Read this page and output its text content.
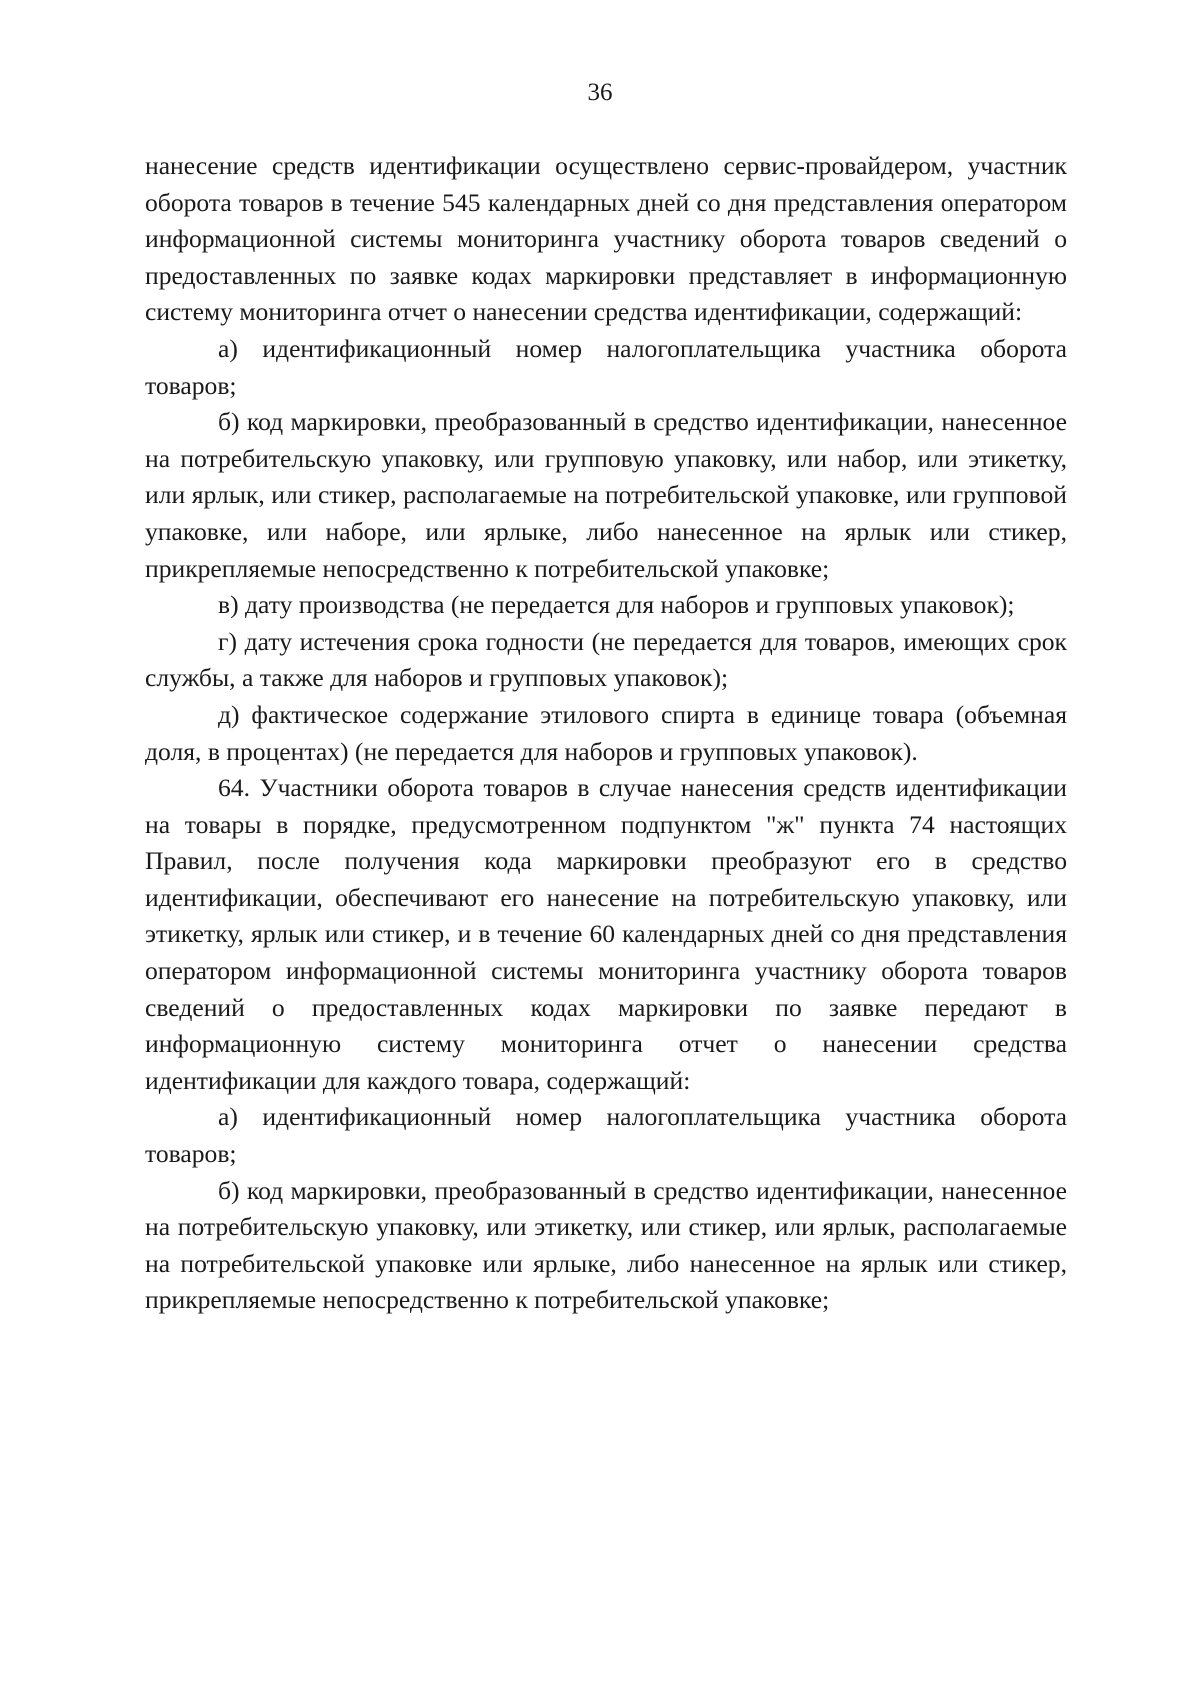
36

нанесение средств идентификации осуществлено сервис-провайдером, участник оборота товаров в течение 545 календарных дней со дня представления оператором информационной системы мониторинга участнику оборота товаров сведений о предоставленных по заявке кодах маркировки представляет в информационную систему мониторинга отчет о нанесении средства идентификации, содержащий:

а) идентификационный номер налогоплательщика участника оборота товаров;

б) код маркировки, преобразованный в средство идентификации, нанесенное на потребительскую упаковку, или групповую упаковку, или набор, или этикетку, или ярлык, или стикер, располагаемые на потребительской упаковке, или групповой упаковке, или наборе, или ярлыке, либо нанесенное на ярлык или стикер, прикрепляемые непосредственно к потребительской упаковке;

в) дату производства (не передается для наборов и групповых упаковок);

г) дату истечения срока годности (не передается для товаров, имеющих срок службы, а также для наборов и групповых упаковок);

д) фактическое содержание этилового спирта в единице товара (объемная доля, в процентах) (не передается для наборов и групповых упаковок).

64. Участники оборота товаров в случае нанесения средств идентификации на товары в порядке, предусмотренном подпунктом "ж" пункта 74 настоящих Правил, после получения кода маркировки преобразуют его в средство идентификации, обеспечивают его нанесение на потребительскую упаковку, или этикетку, ярлык или стикер, и в течение 60 календарных дней со дня представления оператором информационной системы мониторинга участнику оборота товаров сведений о предоставленных кодах маркировки по заявке передают в информационную систему мониторинга отчет о нанесении средства идентификации для каждого товара, содержащий:

а) идентификационный номер налогоплательщика участника оборота товаров;

б) код маркировки, преобразованный в средство идентификации, нанесенное на потребительскую упаковку, или этикетку, или стикер, или ярлык, располагаемые на потребительской упаковке или ярлыке, либо нанесенное на ярлык или стикер, прикрепляемые непосредственно к потребительской упаковке;
